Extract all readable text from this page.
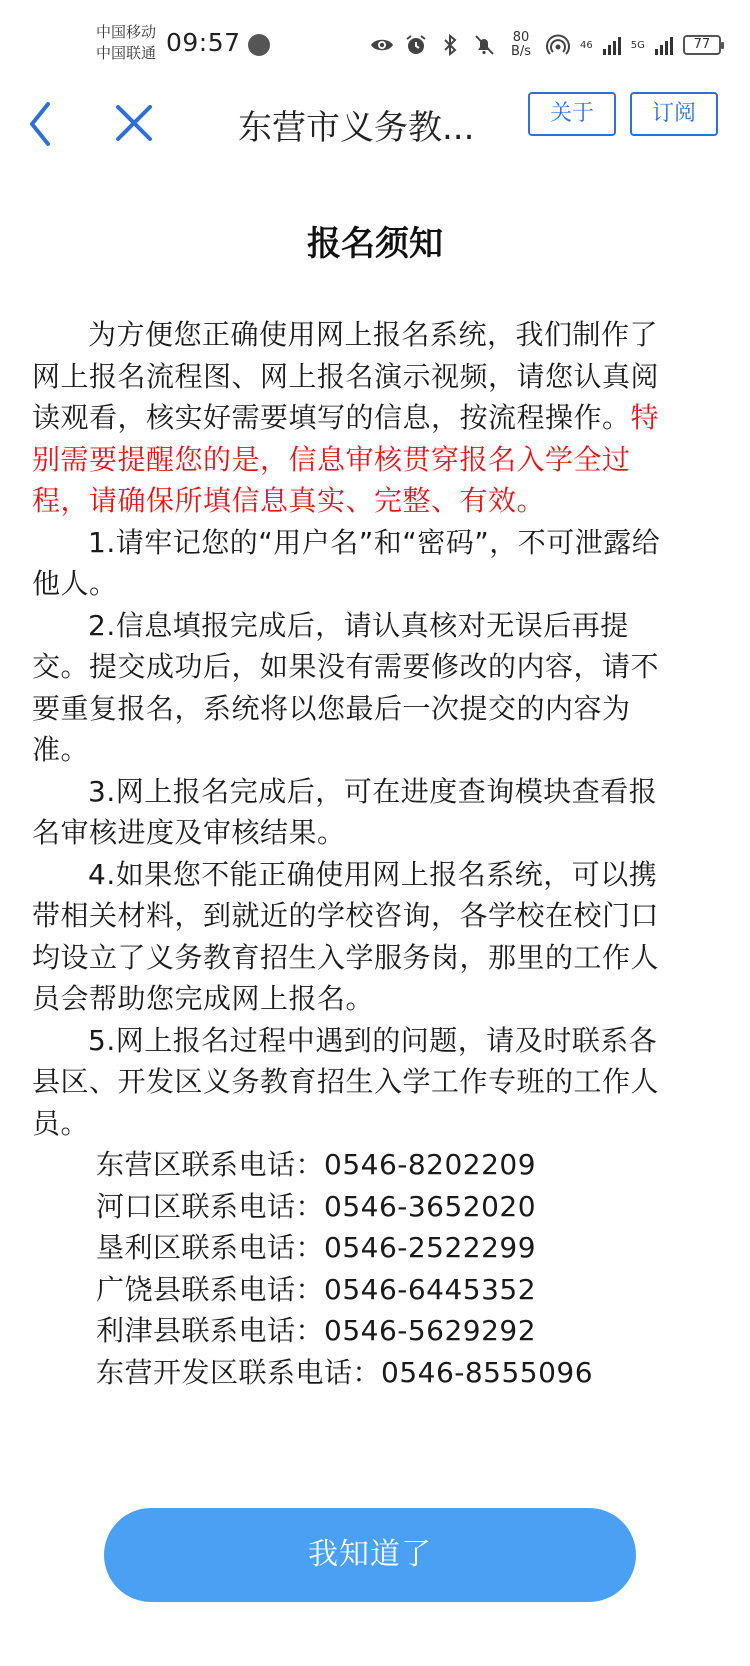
中国移动
中国联通 09:57	80
B/s	46	5G	77
东营市义务教...	关于	订阅
报名须知

为方便您正确使用网上报名系统，我们制作了网上报名流程图、网上报名演示视频，请您认真阅读观看，核实好需要填写的信息，按流程操作。特别需要提醒您的是，信息审核贯穿报名入学全过程，请确保所填信息真实、完整、有效。

1.请牢记您的“用户名”和“密码”，不可泄露给他人。

2.信息填报完成后，请认真核对无误后再提交。提交成功后，如果没有需要修改的内容，请不要重复报名，系统将以您最后一次提交的内容为准。

3.网上报名完成后，可在进度查询模块查看报名审核进度及审核结果。

4.如果您不能正确使用网上报名系统，可以携带相关材料，到就近的学校咨询，各学校在校门口均设立了义务教育招生入学服务岗，那里的工作人员会帮助您完成网上报名。

5.网上报名过程中遇到的问题，请及时联系各县区、开发区义务教育招生入学工作专班的工作人员。

东营区联系电话：0546-8202209
河口区联系电话：0546-3652020
垦利区联系电话：0546-2522299
广饶县联系电话：0546-6445352
利津县联系电话：0546-5629292
东营开发区联系电话：0546-8555096
我知道了
